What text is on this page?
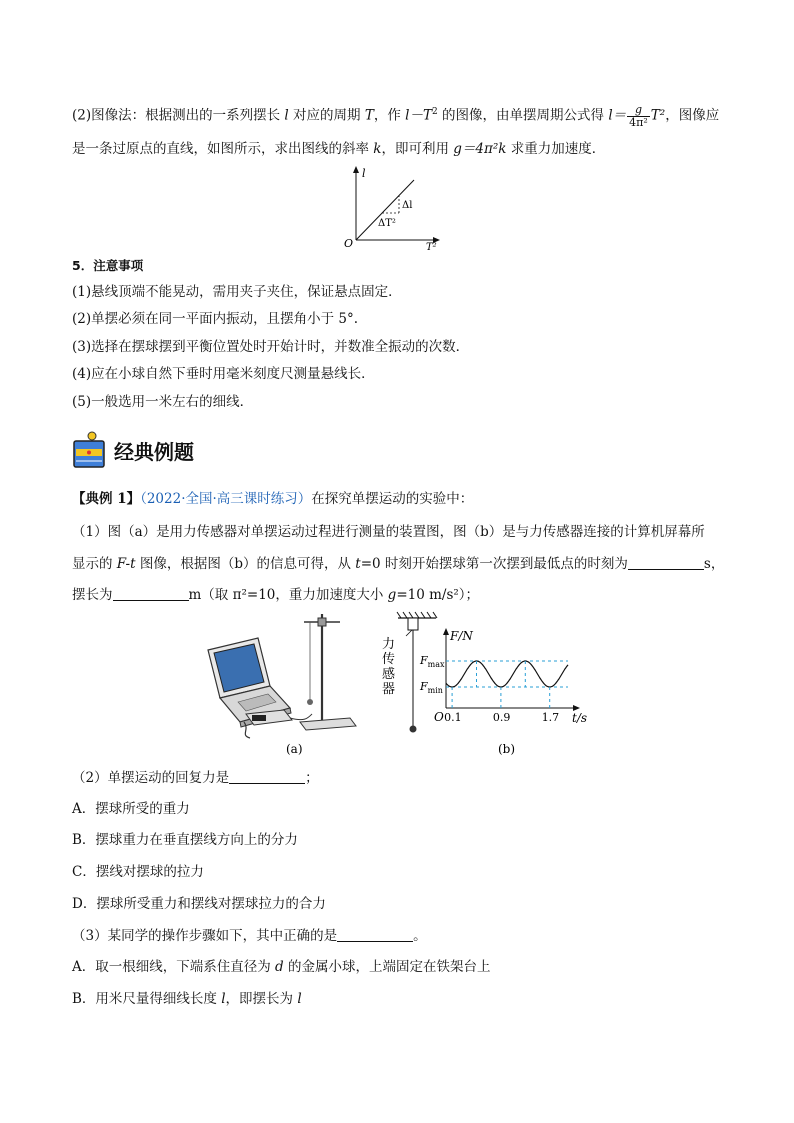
(2)图像法：根据测出的一系列摆长 l 对应的周期 T，作 $l-T^2$ 的图像，由单摆周期公式得 $l= \frac{g}{\text{4π²}} T^2$，图像应
是一条过原点的直线，如图所示，求出图线的斜率 k，即可利用 g＝4π²k 求重力加速度．
l
O	T²
Δl
ΔT²
5．注意事项
(1)悬线顶端不能晃动，需用夹子夹住，保证悬点固定．
(2)单摆必须在同一平面内振动，且摆角小于 5°.
(3)选择在摆球摆到平衡位置处时开始计时，并数准全振动的次数．
(4)应在小球自然下垂时用毫米刻度尺测量悬线长．
(5)一般选用一米左右的细线．
经典例题
【典例 1】（2022·全国·高三课时练习）在探究单摆运动的实验中：
（1）图（a）是用力传感器对单摆运动过程进行测量的装置图，图（b）是与力传感器连接的计算机屏幕所
显示的 F-t 图像，根据图（b）的信息可得，从 t=0 时刻开始摆球第一次摆到最低点的时刻为	s，
摆长为	m（取 π²=10，重力加速度大小 g=10 m/s²）；
(a)
力
传
感
器
F/N
t/s
O
$F_{max}$
$F_{min}$
0.1	0.9	1.7
(b)
（2）单摆运动的回复力是	；
A．摆球所受的重力
B．摆球重力在垂直摆线方向上的分力
C．摆线对摆球的拉力
D．摆球所受重力和摆线对摆球拉力的合力
（3）某同学的操作步骤如下，其中正确的是	。
A．取一根细线，下端系住直径为 d 的金属小球，上端固定在铁架台上
B．用米尺量得细线长度 l，即摆长为 l
